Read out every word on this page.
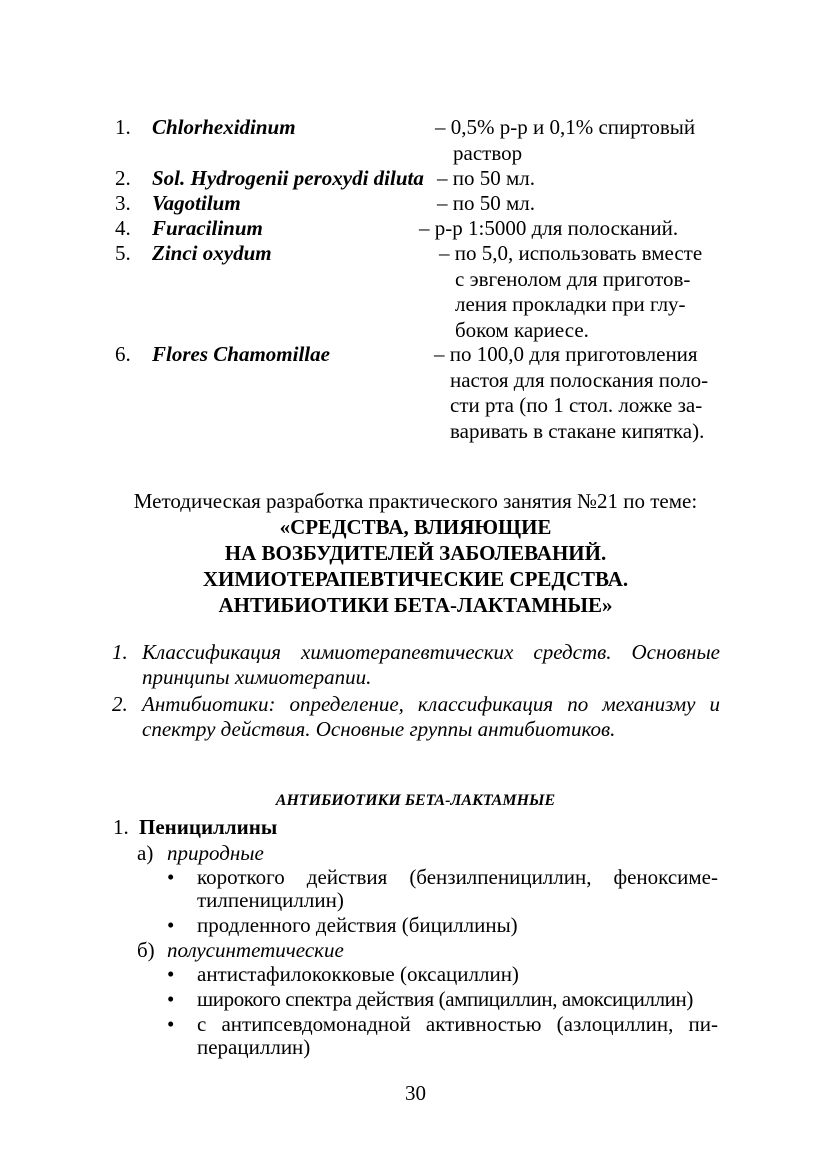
1. Chlorhexidinum	– 0,5% р-р и 0,1% спиртовый
раствор
2. Sol. Hydrogenii peroxydi diluta – по 50 мл.
3. Vagotilum	– по 50 мл.
4. Furacilinum	– р-р 1:5000 для полосканий.
5. Zinci oxydum	– по 5,0, использовать вместе
с эвгенолом для приготов-
ления прокладки при глу-
боком кариесе.
6. Flores Chamomillae	– по 100,0 для приготовления
настоя для полоскания поло-
сти рта (по 1 стол. ложке за-
варивать в стакане кипятка).
Методическая разработка практического занятия №21 по теме:
«СРЕДСТВА, ВЛИЯЮЩИЕ
НА ВОЗБУДИТЕЛЕЙ ЗАБОЛЕВАНИЙ.
ХИМИОТЕРАПЕВТИЧЕСКИЕ СРЕДСТВА.
АНТИБИОТИКИ БЕТА-ЛАКТАМНЫЕ»
1. Классификация химиотерапевтических средств. Основные принципы химиотерапии.
2. Антибиотики: определение, классификация по механизму и спектру действия. Основные группы антибиотиков.
АНТИБИОТИКИ БЕТА-ЛАКТАМНЫЕ
1. Пенициллины
а) природные
•	короткого действия (бензилпенициллин, феноксиме-тилпенициллин)
•	продленного действия (бициллины)
б) полусинтетические
•	антистафилококковые (оксациллин)
•	широкого спектра действия (ампициллин, амоксициллин)
•	с антипсевдомонадной активностью (азлоциллин, пи-перациллин)
30
